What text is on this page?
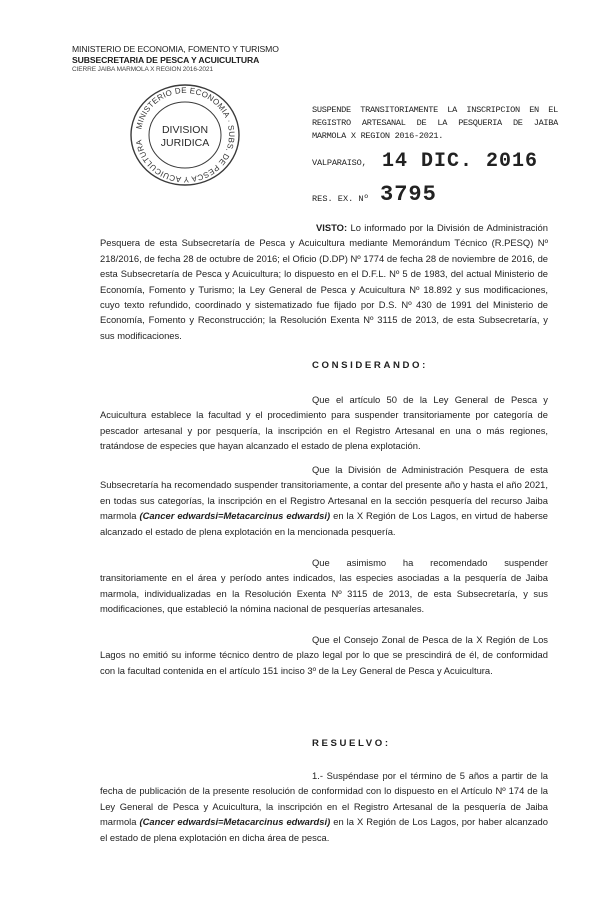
MINISTERIO DE ECONOMIA, FOMENTO Y TURISMO
SUBSECRETARIA DE PESCA Y ACUICULTURA
CIERRE JAIBA MARMOLA X REGION 2016-2021
MINISTERIO DE ECONOMIA · SUBS. DE PESCA Y ACUICULTURA
DIVISION
JURIDICA
SUSPENDE TRANSITORIAMENTE LA INSCRIPCION EN EL REGISTRO ARTESANAL DE LA PESQUERIA DE JAIBA MARMOLA X REGION 2016-2021.
VALPARAISO, 14 DIC. 2016
RES. EX. Nº 3795
VISTO: Lo informado por la División de Administración Pesquera de esta Subsecretaría de Pesca y Acuicultura mediante Memorándum Técnico (R.PESQ) Nº 218/2016, de fecha 28 de octubre de 2016; el Oficio (D.DP) Nº 1774 de fecha 28 de noviembre de 2016, de esta Subsecretaría de Pesca y Acuicultura; lo dispuesto en el D.F.L. Nº 5 de 1983, del actual Ministerio de Economía, Fomento y Turismo; la Ley General de Pesca y Acuicultura Nº 18.892 y sus modificaciones, cuyo texto refundido, coordinado y sistematizado fue fijado por D.S. Nº 430 de 1991 del Ministerio de Economía, Fomento y Reconstrucción; la Resolución Exenta Nº 3115 de 2013, de esta Subsecretaría, y sus modificaciones.
CONSIDERANDO:
Que el artículo 50 de la Ley General de Pesca y Acuicultura establece la facultad y el procedimiento para suspender transitoriamente por categoría de pescador artesanal y por pesquería, la inscripción en el Registro Artesanal en una o más regiones, tratándose de especies que hayan alcanzado el estado de plena explotación.
Que la División de Administración Pesquera de esta Subsecretaría ha recomendado suspender transitoriamente, a contar del presente año y hasta el año 2021, en todas sus categorías, la inscripción en el Registro Artesanal en la sección pesquería del recurso Jaiba marmola (Cancer edwardsi=Metacarcinus edwardsi) en la X Región de Los Lagos, en virtud de haberse alcanzado el estado de plena explotación en la mencionada pesquería.
Que asimismo ha recomendado suspender transitoriamente en el área y período antes indicados, las especies asociadas a la pesquería de Jaiba marmola, individualizadas en la Resolución Exenta Nº 3115 de 2013, de esta Subsecretaría, y sus modificaciones, que estableció la nómina nacional de pesquerías artesanales.
Que el Consejo Zonal de Pesca de la X Región de Los Lagos no emitió su informe técnico dentro de plazo legal por lo que se prescindirá de él, de conformidad con la facultad contenida en el artículo 151 inciso 3º de la Ley General de Pesca y Acuicultura.
RESUELVO:
1.- Suspéndase por el término de 5 años a partir de la fecha de publicación de la presente resolución de conformidad con lo dispuesto en el Artículo Nº 174 de la Ley General de Pesca y Acuicultura, la inscripción en el Registro Artesanal de la pesquería de Jaiba marmola (Cancer edwardsi=Metacarcinus edwardsi) en la X Región de Los Lagos, por haber alcanzado el estado de plena explotación en dicha área de pesca.
